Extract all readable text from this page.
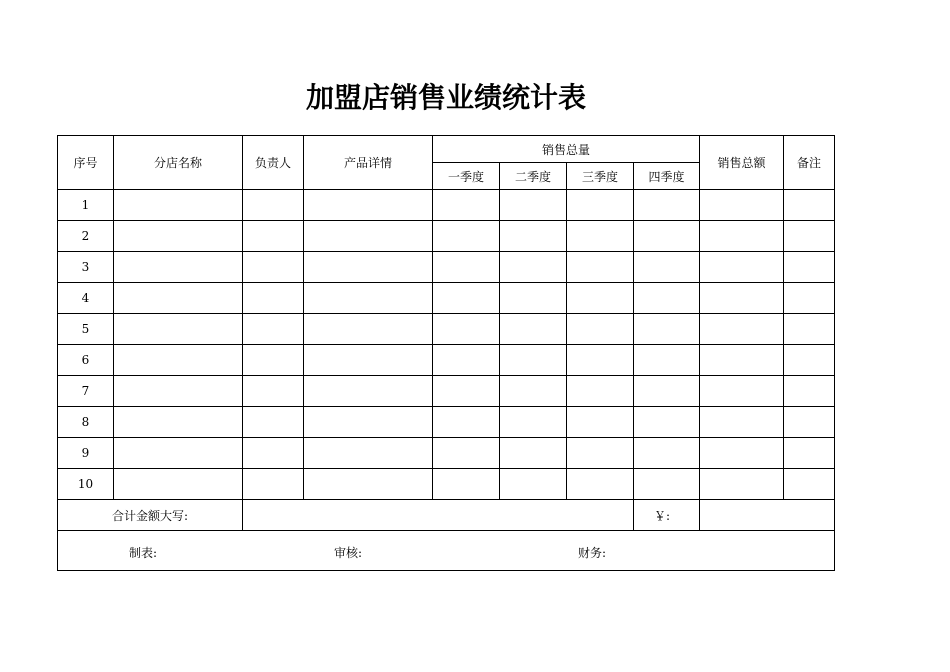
加盟店销售业绩统计表
序号	分店名称	负责人	产品详情	销售总量				销售总额	备注
				一季度	二季度	三季度	四季度		
1									
2									
3									
4									
5									
6									
7									
8									
9									
10									
合计金额大写:							￥:		

制表: 审核: 财务:									
